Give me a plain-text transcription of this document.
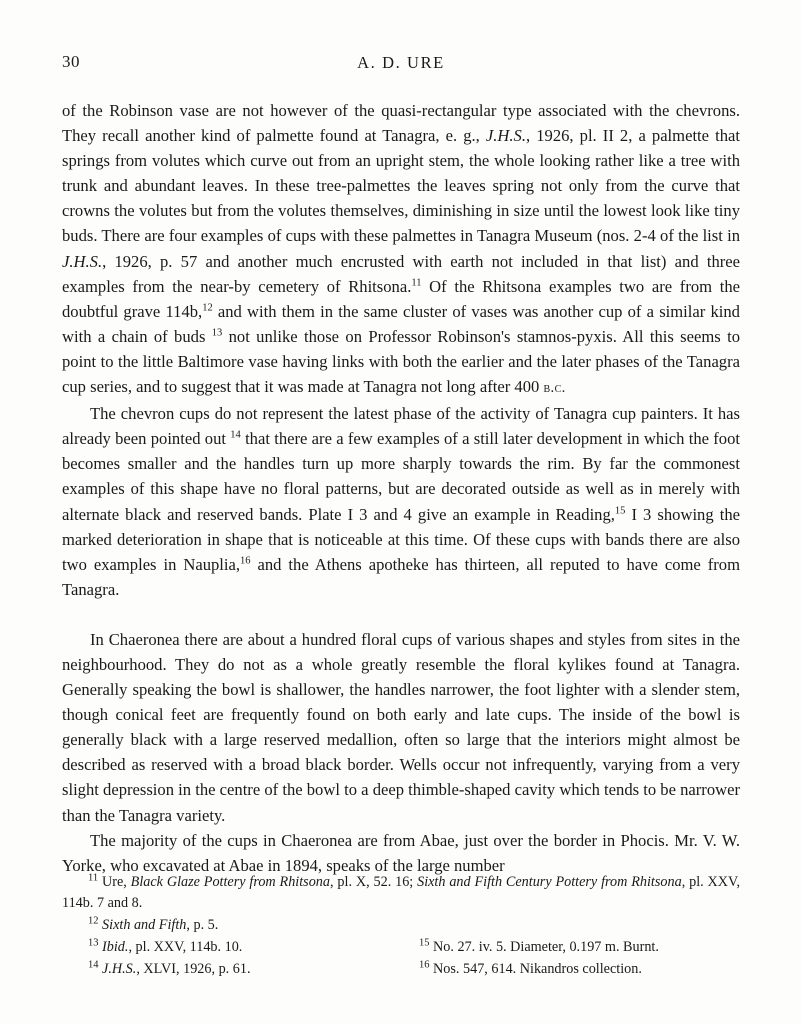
30	A. D. URE

of the Robinson vase are not however of the quasi-rectangular type associated with the chevrons. They recall another kind of palmette found at Tanagra, e. g., J.H.S., 1926, pl. II 2, a palmette that springs from volutes which curve out from an upright stem, the whole looking rather like a tree with trunk and abundant leaves. In these tree-palmettes the leaves spring not only from the curve that crowns the volutes but from the volutes themselves, diminishing in size until the lowest look like tiny buds. There are four examples of cups with these palmettes in Tanagra Museum (nos. 2-4 of the list in J.H.S., 1926, p. 57 and another much encrusted with earth not included in that list) and three examples from the near-by cemetery of Rhitsona.$^{11}$ Of the Rhitsona examples two are from the doubtful grave 114b,$^{12}$ and with them in the same cluster of vases was another cup of a similar kind with a chain of buds $^{13}$ not unlike those on Professor Robinson's stamnos-pyxis. All this seems to point to the little Baltimore vase having links with both the earlier and the later phases of the Tanagra cup series, and to suggest that it was made at Tanagra not long after 400 b.c.

The chevron cups do not represent the latest phase of the activity of Tanagra cup painters. It has already been pointed out $^{14}$ that there are a few examples of a still later development in which the foot becomes smaller and the handles turn up more sharply towards the rim. By far the commonest examples of this shape have no floral patterns, but are decorated outside as well as in merely with alternate black and reserved bands. Plate I 3 and 4 give an example in Reading,$^{15}$ I 3 showing the marked deterioration in shape that is noticeable at this time. Of these cups with bands there are also two examples in Nauplia,$^{16}$ and the Athens apotheke has thirteen, all reputed to have come from Tanagra.

In Chaeronea there are about a hundred floral cups of various shapes and styles from sites in the neighbourhood. They do not as a whole greatly resemble the floral kylikes found at Tanagra. Generally speaking the bowl is shallower, the handles narrower, the foot lighter with a slender stem, though conical feet are frequently found on both early and late cups. The inside of the bowl is generally black with a large reserved medallion, often so large that the interiors might almost be described as reserved with a broad black border. Wells occur not infrequently, varying from a very slight depression in the centre of the bowl to a deep thimble-shaped cavity which tends to be narrower than the Tanagra variety.

The majority of the cups in Chaeronea are from Abae, just over the border in Phocis. Mr. V. W. Yorke, who excavated at Abae in 1894, speaks of the large number

$^{11}$ Ure, Black Glaze Pottery from Rhitsona, pl. X, 52. 16; Sixth and Fifth Century Pottery from Rhitsona, pl. XXV, 114b. 7 and 8.

$^{12}$ Sixth and Fifth, p. 5.

$^{13}$ Ibid., pl. XXV, 114b. 10.

$^{14}$ J.H.S., XLVI, 1926, p. 61.

$^{15}$ No. 27. iv. 5. Diameter, 0.197 m. Burnt.

$^{16}$ Nos. 547, 614. Nikandros collection.
